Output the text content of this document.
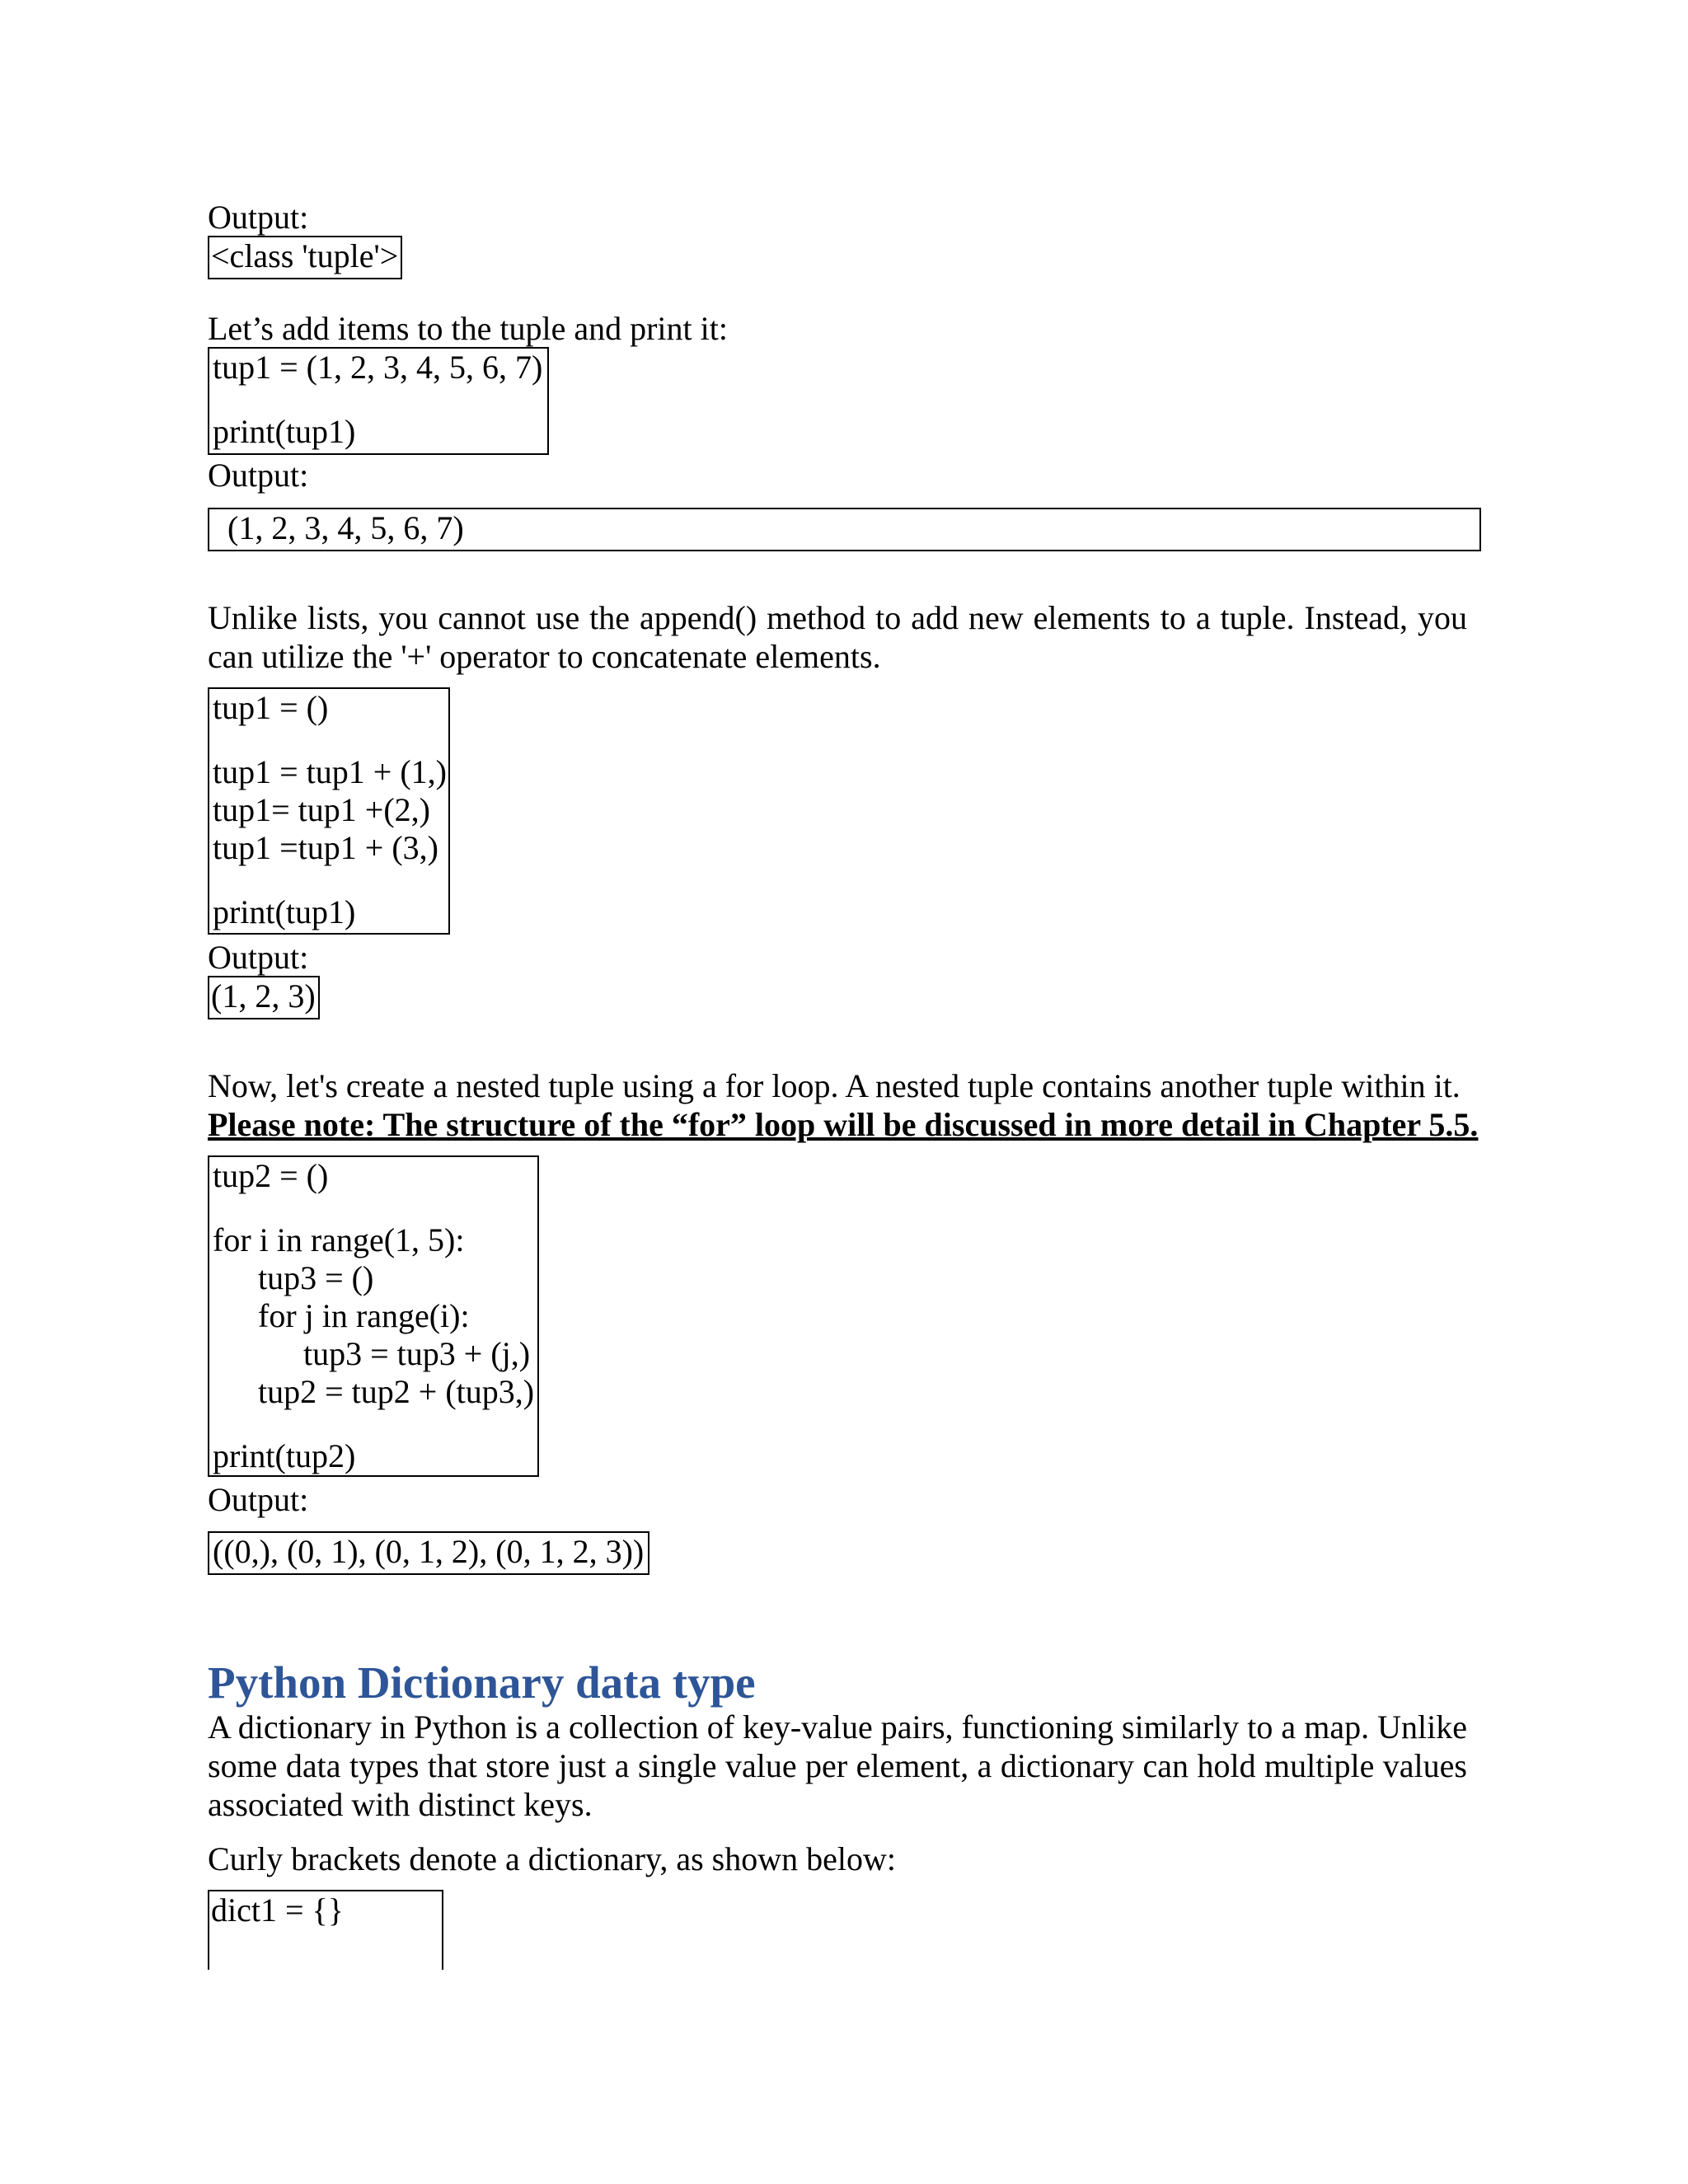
Output:

<class 'tuple'>

Let’s add items to the tuple and print it:

tup1 = (1, 2, 3, 4, 5, 6, 7)

print(tup1)

Output:

(1, 2, 3, 4, 5, 6, 7)

Unlike lists, you cannot use the append() method to add new elements to a tuple. Instead, you can utilize the '+' operator to concatenate elements.

tup1 = ()

tup1 = tup1 + (1,)

tup1= tup1 +(2,)

tup1 =tup1 + (3,)

print(tup1)

Output:

(1, 2, 3)

Now, let's create a nested tuple using a for loop. A nested tuple contains another tuple within it.

Please note: The structure of the “for” loop will be discussed in more detail in Chapter 5.5.

tup2 = ()

for i in range(1, 5):

tup3 = ()

for j in range(i):

tup3 = tup3 + (j,)

tup2 = tup2 + (tup3,)

print(tup2)

Output:

((0,), (0, 1), (0, 1, 2), (0, 1, 2, 3))

Python Dictionary data type

A dictionary in Python is a collection of key-value pairs, functioning similarly to a map. Unlike some data types that store just a single value per element, a dictionary can hold multiple values associated with distinct keys.

Curly brackets denote a dictionary, as shown below:

dict1 = {}
